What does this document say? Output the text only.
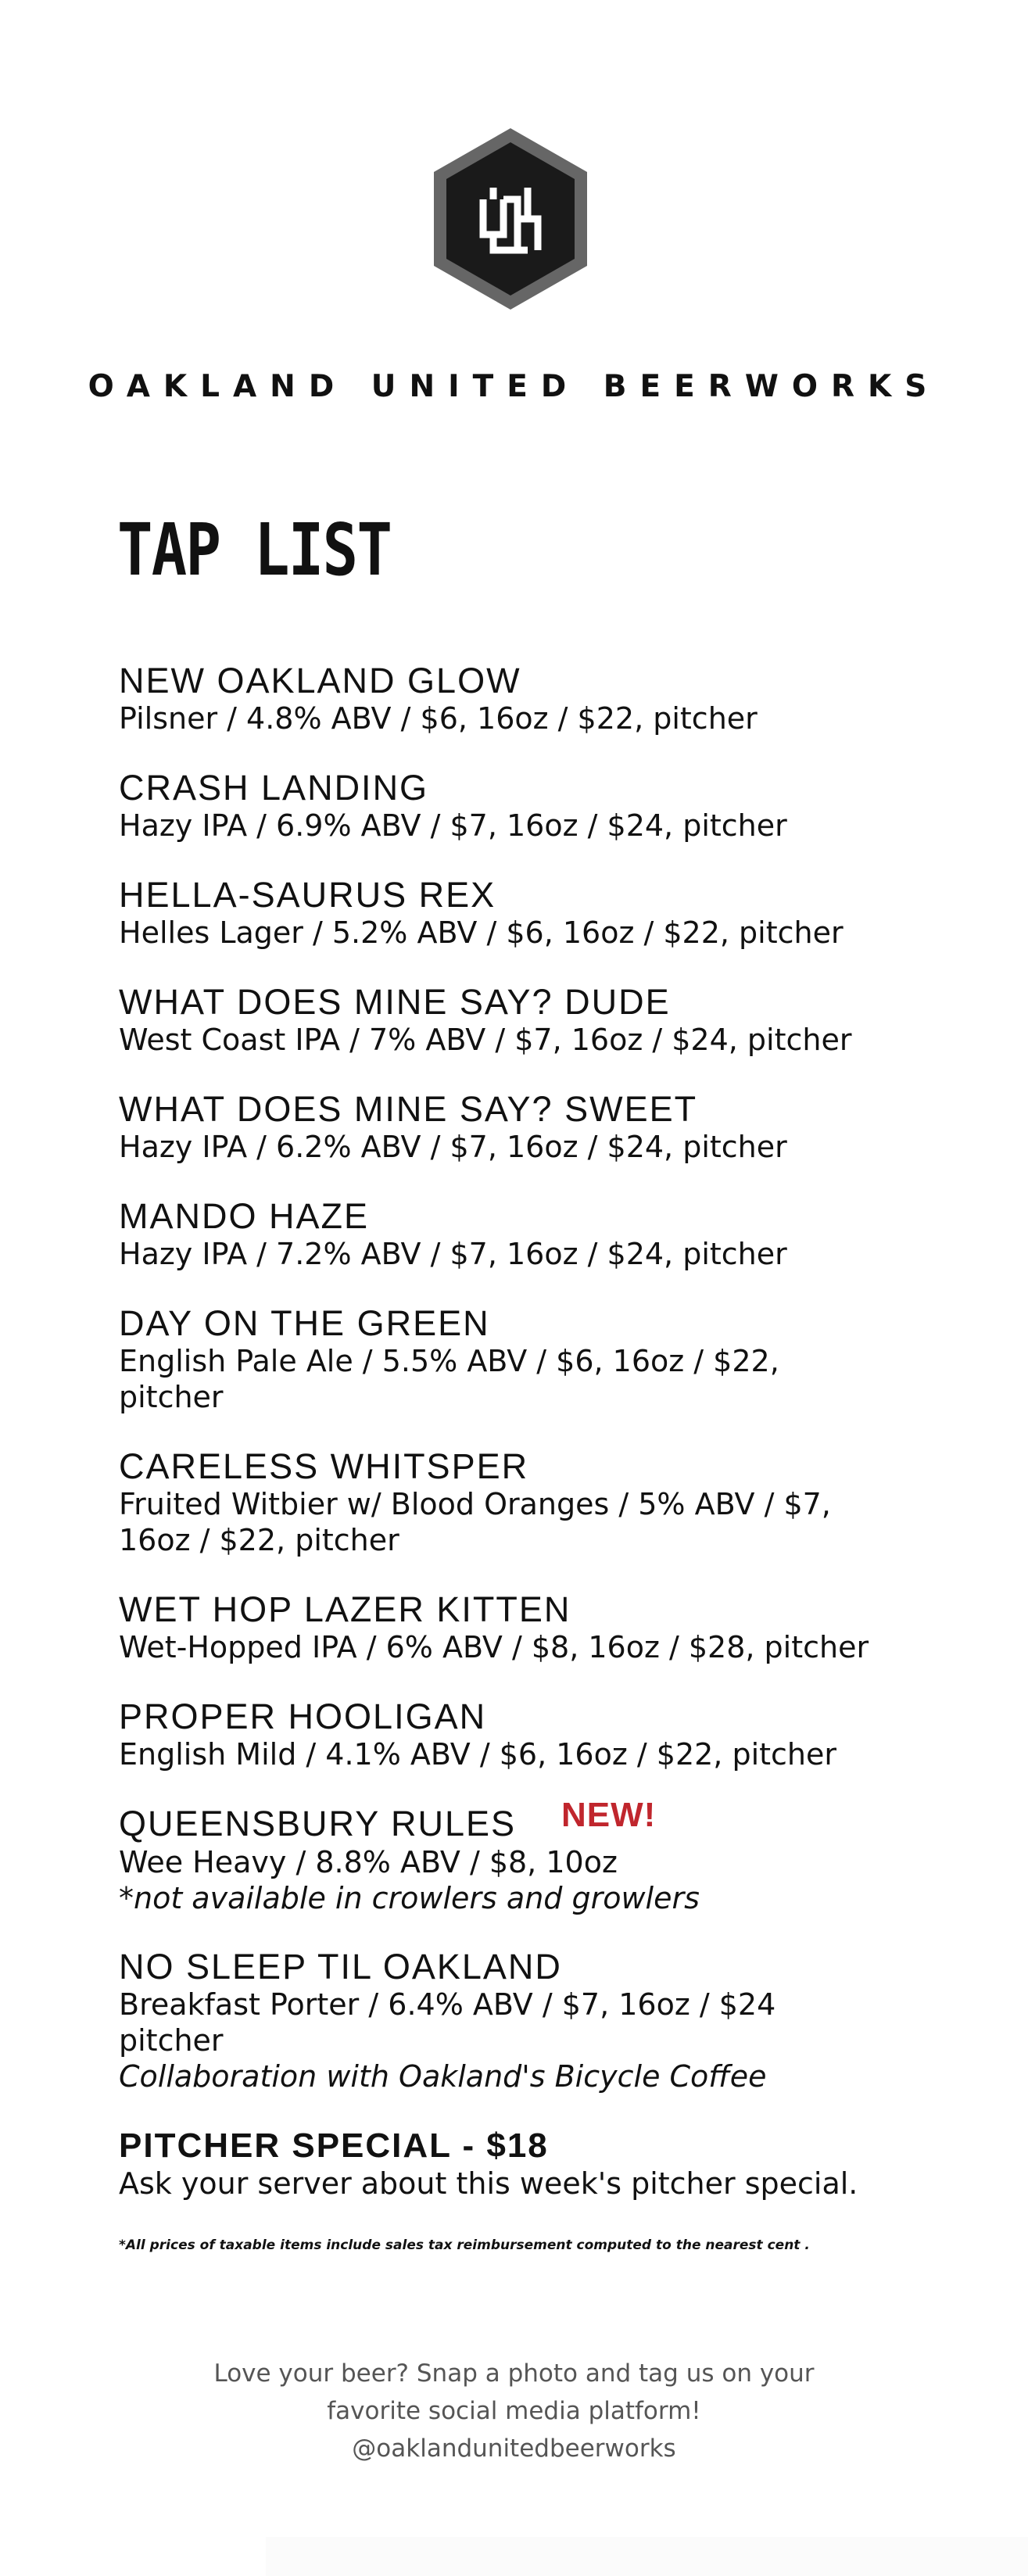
OAKLAND UNITED BEERWORKS
TAP LIST
NEW OAKLAND GLOW
Pilsner / 4.8% ABV / $6, 16oz / $22, pitcher
CRASH LANDING
Hazy IPA / 6.9% ABV / $7, 16oz / $24, pitcher
HELLA-SAURUS REX
Helles Lager / 5.2% ABV / $6, 16oz / $22, pitcher
WHAT DOES MINE SAY? DUDE
West Coast IPA / 7% ABV / $7, 16oz / $24, pitcher
WHAT DOES MINE SAY? SWEET
Hazy IPA / 6.2% ABV / $7, 16oz / $24, pitcher
MANDO HAZE
Hazy IPA / 7.2% ABV / $7, 16oz / $24, pitcher
DAY ON THE GREEN
English Pale Ale / 5.5% ABV / $6, 16oz / $22, pitcher
CARELESS WHITSPER
Fruited Witbier w/ Blood Oranges / 5% ABV / $7, 16oz / $22, pitcher
WET HOP LAZER KITTEN
Wet-Hopped IPA / 6% ABV / $8, 16oz / $28, pitcher
PROPER HOOLIGAN
English Mild / 4.1% ABV / $6, 16oz / $22, pitcher
QUEENSBURY RULES NEW!
Wee Heavy / 8.8% ABV / $8, 10oz
*not available in crowlers and growlers
NO SLEEP TIL OAKLAND
Breakfast Porter / 6.4% ABV / $7, 16oz / $24 pitcher
Collaboration with Oakland's Bicycle Coffee
PITCHER SPECIAL - $18
Ask your server about this week's pitcher special.
*All prices of taxable items include sales tax reimbursement computed to the nearest cent .
Love your beer? Snap a photo and tag us on your
favorite social media platform!
@oaklandunitedbeerworks
